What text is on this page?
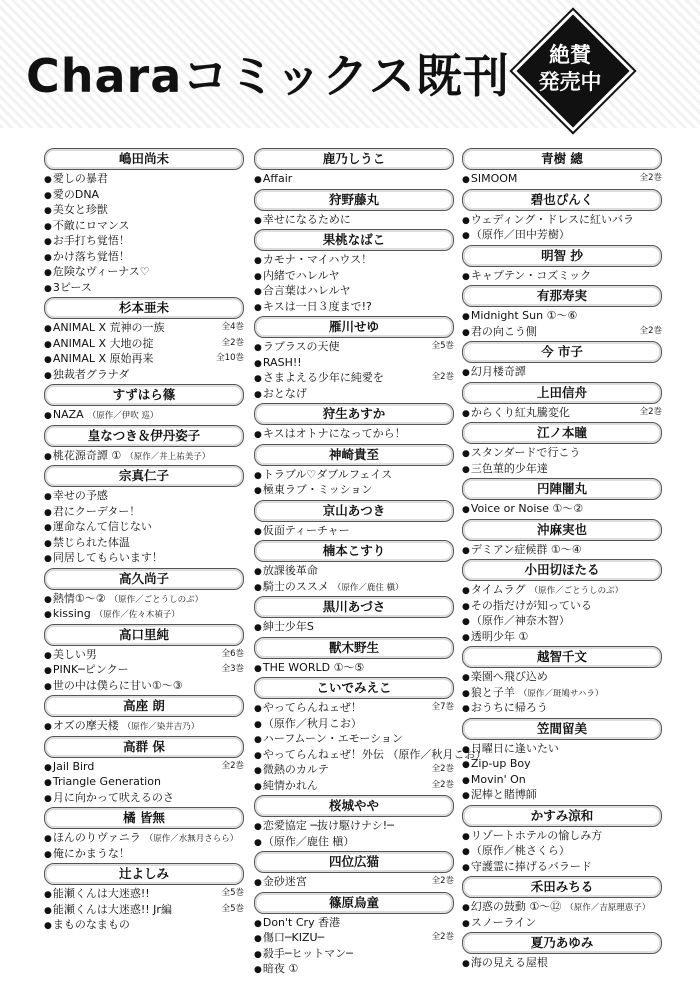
Charaコミックス既刊	絶賛
発売中
嶋田尚未
● 愛しの暴君
● 愛のDNA
● 美女と珍獣
● 不敵にロマンス
● お手打ち覚悟！
● かけ落ち覚悟！
● 危険なヴィーナス♡
● 3ピース
杉本亜未
● ANIMAL X 荒神の一族	全4巻
● ANIMAL X 大地の掟	全2巻
● ANIMAL X 原始再来	全10巻
● 独裁者グラナダ
すずはら篠
● NAZA （原作／伊吹 巡）
皇なつき＆伊丹姿子
● 桃花源奇譚 ① （原作／井上祐美子）
宗真仁子
● 幸せの予感
● 君にクーデター！
● 運命なんて信じない
● 禁じられた体温
● 同居してもらいます！
高久尚子
● 熱情①〜② （原作／ごとうしのぶ）
● kissing （原作／佐々木禎子）
高口里純
● 美しい男	全6巻
● PINK─ピンクー	全3巻
● 世の中は僕らに甘い①〜③
高座 朗
● オズの摩天楼 （原作／染井吉乃）
高群 保
● Jail Bird	全2巻
● Triangle Generation
● 月に向かって吠えるのさ
橘 皆無
● ほんのりヴァニラ （原作／水無月さらら）
● 俺にかまうな！
辻よしみ
● 能瀬くんは大迷惑!!	全5巻
● 能瀬くんは大迷惑!! Jr編	全5巻
● まものなまもの
鹿乃しうこ
● Affair
狩野藤丸
● 幸せになるために
果桃なばこ
● カモナ・マイハウス！
● 内緒でハレルヤ
● 合言葉はハレルヤ
● キスは一日３度まで!?
雁川せゆ
● ラブラスの天使	全5巻
● RASH!!
● さまよえる少年に純愛を	全2巻
● おとなげ
狩生あすか
● キスはオトナになってから！
神崎貴至
● トラブル♡ダブルフェイス
● 極東ラブ・ミッション
京山あつき
● 仮面ティーチャー
楠本こすり
● 放課後革命
● 騎士のススメ （原作／鹿住 槇）
黒川あづさ
● 紳士少年S
獸木野生
● THE WORLD ①〜⑤
こいでみえこ
● やってらんねェぜ！	全7巻
● （原作／秋月こお）
● ハーフムーン・エモーション
● やってらんねェぜ！外伝 （原作／秋月こお）
● 微熱のカルテ	全2巻
● 純情かれん	全2巻
桜城やや
● 恋愛協定 ─抜け駆けナシ!─
● （原作／鹿住 槇）
四位広猫
● 金砂迷宮	全2巻
篠原烏童
● Don't Cry 香港
● 傷口─KIZU─	全2巻
● 殺手─ヒットマン─
● 暗夜 ①
青樹 總
● SIMOOM	全2巻
碧也ぴんく
● ウェディング・ドレスに紅いバラ
● （原作／田中芳樹）
明智 抄
● キャプテン・コズミック
有那寿実
● Midnight Sun ①〜⑥
● 君の向こう側	全2巻
今 市子
● 幻月楼奇譚
上田信舟
● からくり紅丸騰変化	全2巻
江ノ本瞳
● スタンダードで行こう
● 三色菫的少年達
円陣闇丸
● Voice or Noise ①〜②
沖麻実也
● デミアン症候群 ①〜④
小田切ほたる
● タイムラグ （原作／ごとうしのぶ）
● その指だけが知っている
● （原作／神奈木智）
● 透明少年 ①
越智千文
● 楽園へ飛び込め
● 狼と子羊 （原作／斑鳩サハラ）
● おうちに帰ろう
笠間留美
● 日曜日に逢いたい
● Zip-up Boy
● Movin' On
● 泥棒と賭博師
かすみ涼和
● リゾートホテルの愉しみ方
● （原作／桃さくら）
● 守護霊に捧げるバラード
禾田みちる
● 幻惑の鼓動 ①〜⑫ （原作／吉原理恵子）
● スノーライン
夏乃あゆみ
● 海の見える屋根
